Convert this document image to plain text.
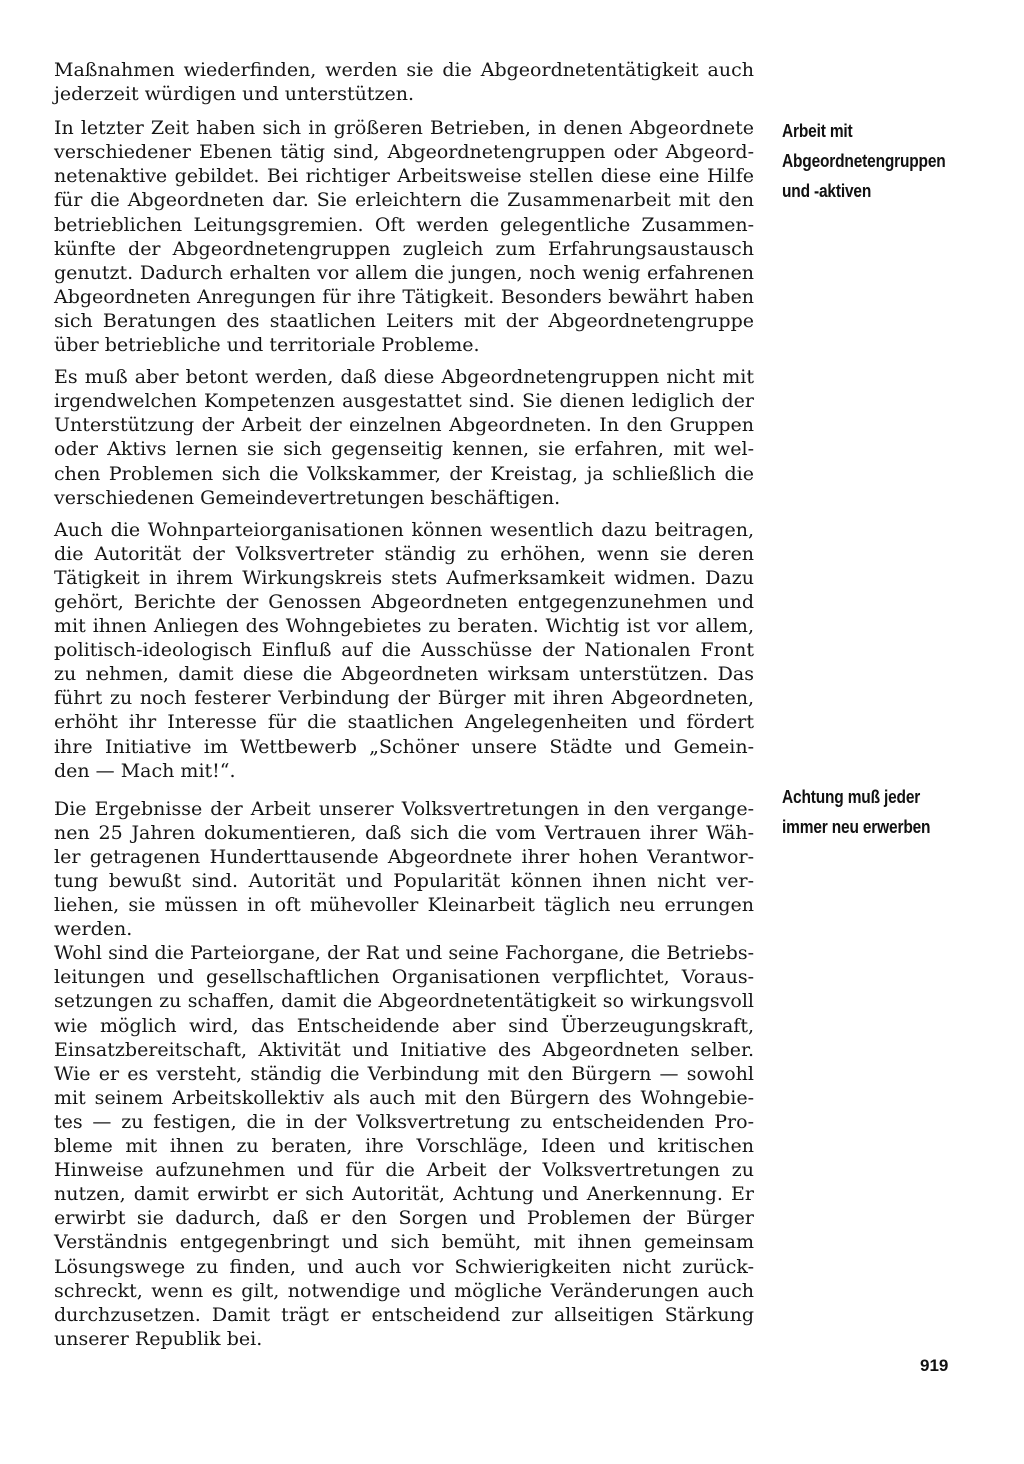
Maßnahmen wiederfinden, werden sie die Abgeordnetentätigkeit auch
jederzeit würdigen und unterstützen.

In letzter Zeit haben sich in größeren Betrieben, in denen Abgeordnete
verschiedener Ebenen tätig sind, Abgeordnetengruppen oder Abgeord-
netenaktive gebildet. Bei richtiger Arbeitsweise stellen diese eine Hilfe
für die Abgeordneten dar. Sie erleichtern die Zusammenarbeit mit den
betrieblichen Leitungsgremien. Oft werden gelegentliche Zusammen-
künfte der Abgeordnetengruppen zugleich zum Erfahrungsaustausch
genutzt. Dadurch erhalten vor allem die jungen, noch wenig erfahrenen
Abgeordneten Anregungen für ihre Tätigkeit. Besonders bewährt haben
sich Beratungen des staatlichen Leiters mit der Abgeordnetengruppe
über betriebliche und territoriale Probleme.

Es muß aber betont werden, daß diese Abgeordnetengruppen nicht mit
irgendwelchen Kompetenzen ausgestattet sind. Sie dienen lediglich der
Unterstützung der Arbeit der einzelnen Abgeordneten. In den Gruppen
oder Aktivs lernen sie sich gegenseitig kennen, sie erfahren, mit wel-
chen Problemen sich die Volkskammer, der Kreistag, ja schließlich die
verschiedenen Gemeindevertretungen beschäftigen.

Auch die Wohnparteiorganisationen können wesentlich dazu beitragen,
die Autorität der Volksvertreter ständig zu erhöhen, wenn sie deren
Tätigkeit in ihrem Wirkungskreis stets Aufmerksamkeit widmen. Dazu
gehört, Berichte der Genossen Abgeordneten entgegenzunehmen und
mit ihnen Anliegen des Wohngebietes zu beraten. Wichtig ist vor allem,
politisch-ideologisch Einfluß auf die Ausschüsse der Nationalen Front
zu nehmen, damit diese die Abgeordneten wirksam unterstützen. Das
führt zu noch festerer Verbindung der Bürger mit ihren Abgeordneten,
erhöht ihr Interesse für die staatlichen Angelegenheiten und fördert
ihre Initiative im Wettbewerb „Schöner unsere Städte und Gemein-
den — Mach mit!“.

Die Ergebnisse der Arbeit unserer Volksvertretungen in den vergange-
nen 25 Jahren dokumentieren, daß sich die vom Vertrauen ihrer Wäh-
ler getragenen Hunderttausende Abgeordnete ihrer hohen Verantwor-
tung bewußt sind. Autorität und Popularität können ihnen nicht ver-
liehen, sie müssen in oft mühevoller Kleinarbeit täglich neu errungen
werden.

Wohl sind die Parteiorgane, der Rat und seine Fachorgane, die Betriebs-
leitungen und gesellschaftlichen Organisationen verpflichtet, Voraus-
setzungen zu schaffen, damit die Abgeordnetentätigkeit so wirkungsvoll
wie möglich wird, das Entscheidende aber sind Überzeugungskraft,
Einsatzbereitschaft, Aktivität und Initiative des Abgeordneten selber.
Wie er es versteht, ständig die Verbindung mit den Bürgern — sowohl
mit seinem Arbeitskollektiv als auch mit den Bürgern des Wohngebie-
tes — zu festigen, die in der Volksvertretung zu entscheidenden Pro-
bleme mit ihnen zu beraten, ihre Vorschläge, Ideen und kritischen
Hinweise aufzunehmen und für die Arbeit der Volksvertretungen zu
nutzen, damit erwirbt er sich Autorität, Achtung und Anerkennung. Er
erwirbt sie dadurch, daß er den Sorgen und Problemen der Bürger
Verständnis entgegenbringt und sich bemüht, mit ihnen gemeinsam
Lösungswege zu finden, und auch vor Schwierigkeiten nicht zurück-
schreckt, wenn es gilt, notwendige und mögliche Veränderungen auch
durchzusetzen. Damit trägt er entscheidend zur allseitigen Stärkung
unserer Republik bei.

Arbeit mit
Abgeordnetengruppen
und -aktiven
Achtung muß jeder
immer neu erwerben
919
